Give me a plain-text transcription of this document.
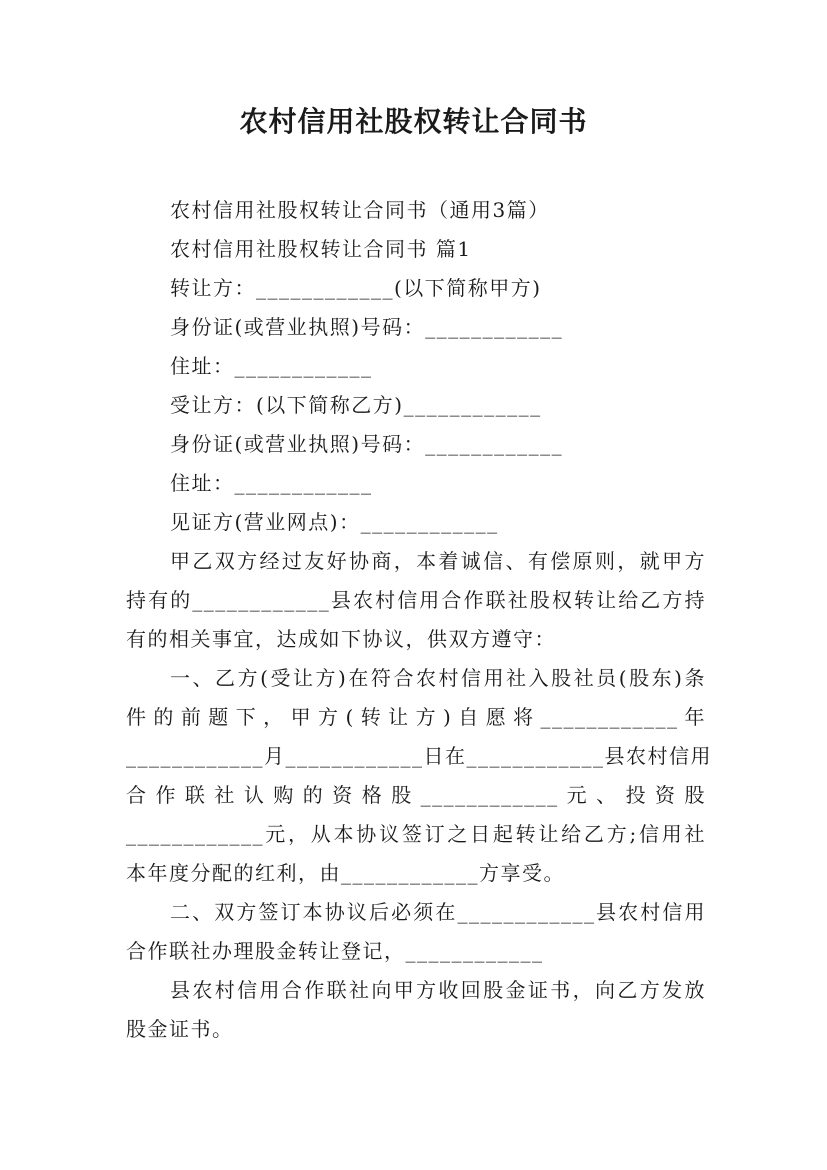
农村信用社股权转让合同书
农村信用社股权转让合同书（通用3篇）
农村信用社股权转让合同书 篇1
转让方：____________(以下简称甲方)
身份证(或营业执照)号码：____________
住址：____________
受让方：(以下简称乙方)____________
身份证(或营业执照)号码：____________
住址：____________
见证方(营业网点)：____________
甲乙双方经过友好协商，本着诚信、有偿原则，就甲方
持有的____________县农村信用合作联社股权转让给乙方持
有的相关事宜，达成如下协议，供双方遵守：
一、乙方(受让方)在符合农村信用社入股社员(股东)条
件的前题下，甲方(转让方)自愿将____________年
____________月____________日在____________县农村信用
合作联社认购的资格股____________元、投资股
____________元，从本协议签订之日起转让给乙方;信用社
本年度分配的红利，由____________方享受。
二、双方签订本协议后必须在____________县农村信用
合作联社办理股金转让登记，____________
县农村信用合作联社向甲方收回股金证书，向乙方发放
股金证书。
